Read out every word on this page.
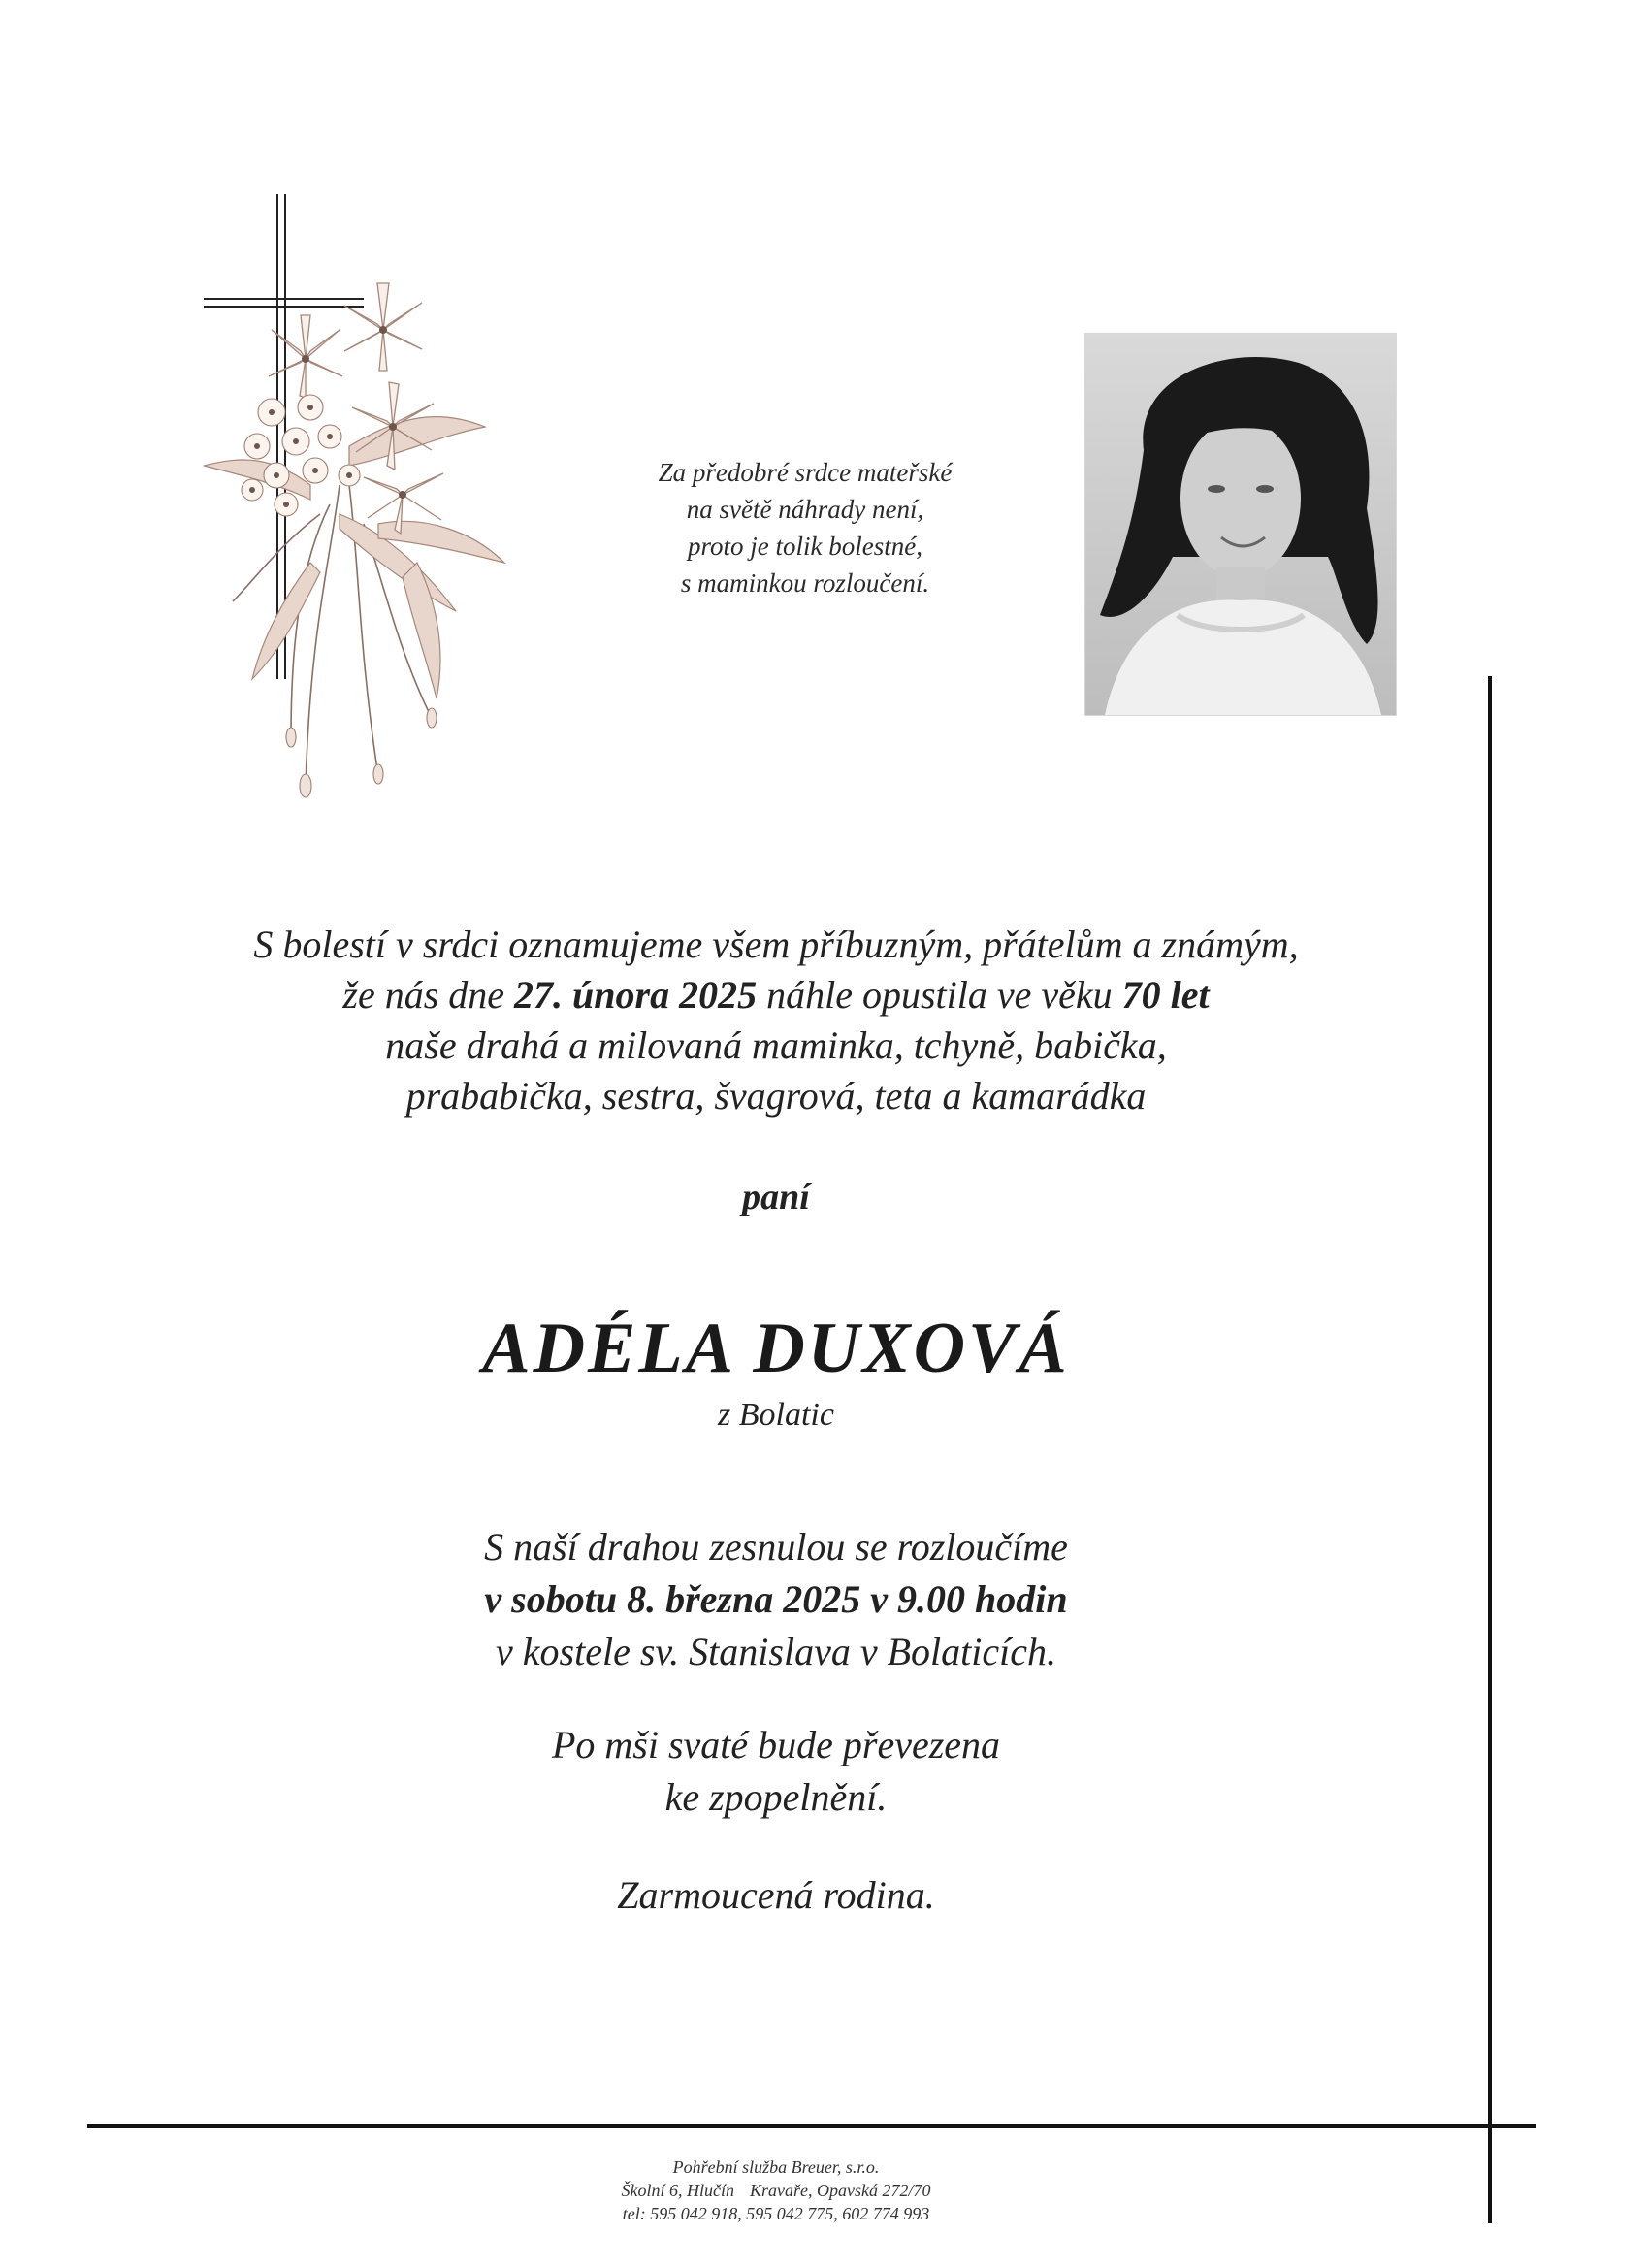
Za předobré srdce mateřské
na světě náhrady není,
proto je tolik bolestné,
s maminkou rozloučení.
S bolestí v srdci oznamujeme všem příbuzným, přátelům a známým,
že nás dne 27. února 2025 náhle opustila ve věku 70 let
naše drahá a milovaná maminka, tchyně, babička,
prababička, sestra, švagrová, teta a kamarádka
paní
ADÉLA DUXOVÁ
z Bolatic
S naší drahou zesnulou se rozloučíme
v sobotu 8. března 2025 v 9.00 hodin
v kostele sv. Stanislava v Bolaticích.
Po mši svaté bude převezena
ke zpopelnění.
Zarmoucená rodina.
Pohřební služba Breuer, s.r.o.
Školní 6, Hlučín Kravaře, Opavská 272/70
tel: 595 042 918, 595 042 775, 602 774 993
